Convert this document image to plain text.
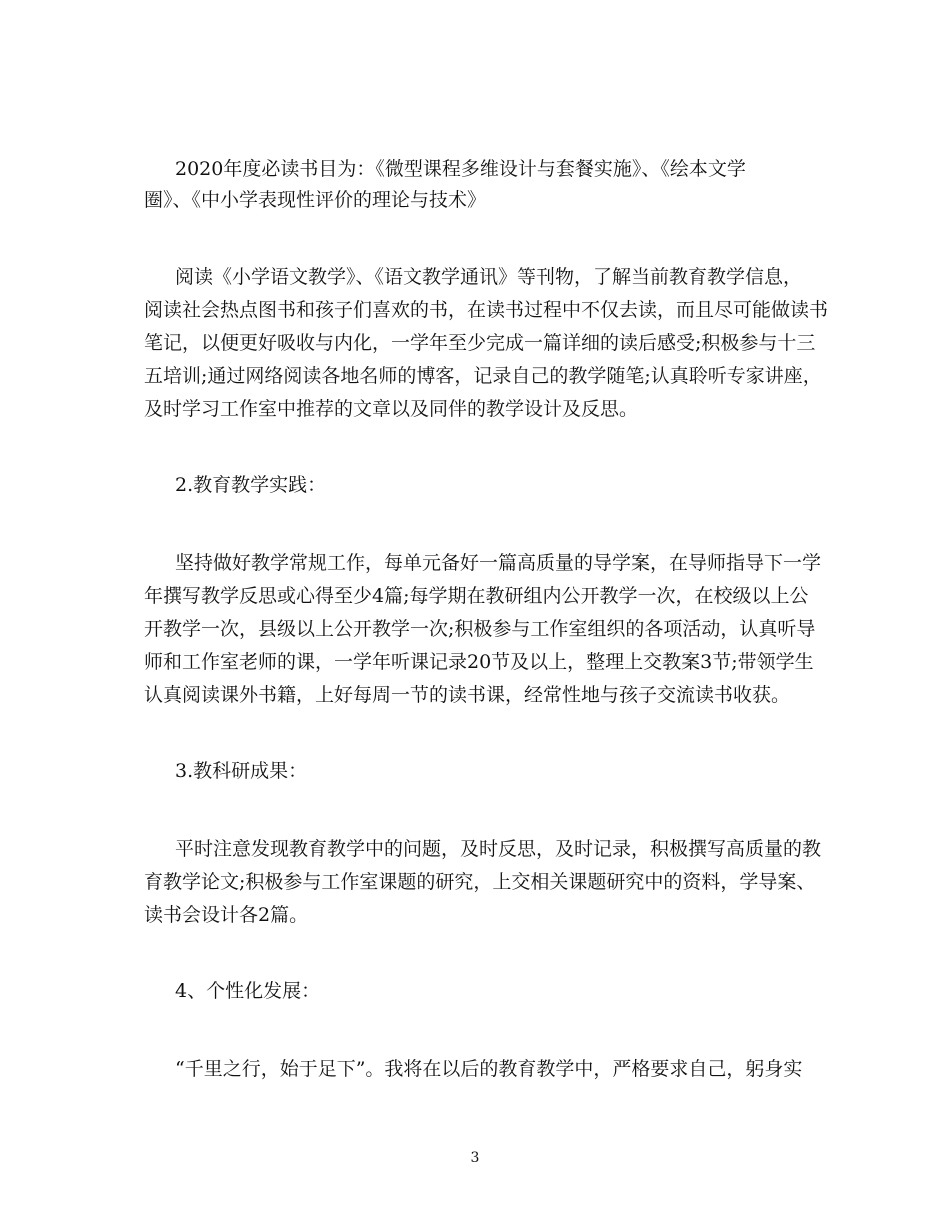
2020年度必读书目为：《微型课程多维设计与套餐实施》、《绘本文学
圈》、《中小学表现性评价的理论与技术》
阅读《小学语文教学》、《语文教学通讯》等刊物，了解当前教育教学信息，
阅读社会热点图书和孩子们喜欢的书，在读书过程中不仅去读，而且尽可能做读书
笔记，以便更好吸收与内化，一学年至少完成一篇详细的读后感受;积极参与十三
五培训;通过网络阅读各地名师的博客，记录自己的教学随笔;认真聆听专家讲座，
及时学习工作室中推荐的文章以及同伴的教学设计及反思。
2.教育教学实践：
坚持做好教学常规工作，每单元备好一篇高质量的导学案，在导师指导下一学
年撰写教学反思或心得至少4篇;每学期在教研组内公开教学一次，在校级以上公
开教学一次，县级以上公开教学一次;积极参与工作室组织的各项活动，认真听导
师和工作室老师的课，一学年听课记录20节及以上，整理上交教案3节;带领学生
认真阅读课外书籍，上好每周一节的读书课，经常性地与孩子交流读书收获。
3.教科研成果：
平时注意发现教育教学中的问题，及时反思，及时记录，积极撰写高质量的教
育教学论文;积极参与工作室课题的研究，上交相关课题研究中的资料，学导案、
读书会设计各2篇。
4、个性化发展：
“千里之行，始于足下”。我将在以后的教育教学中，严格要求自己，躬身实
3
